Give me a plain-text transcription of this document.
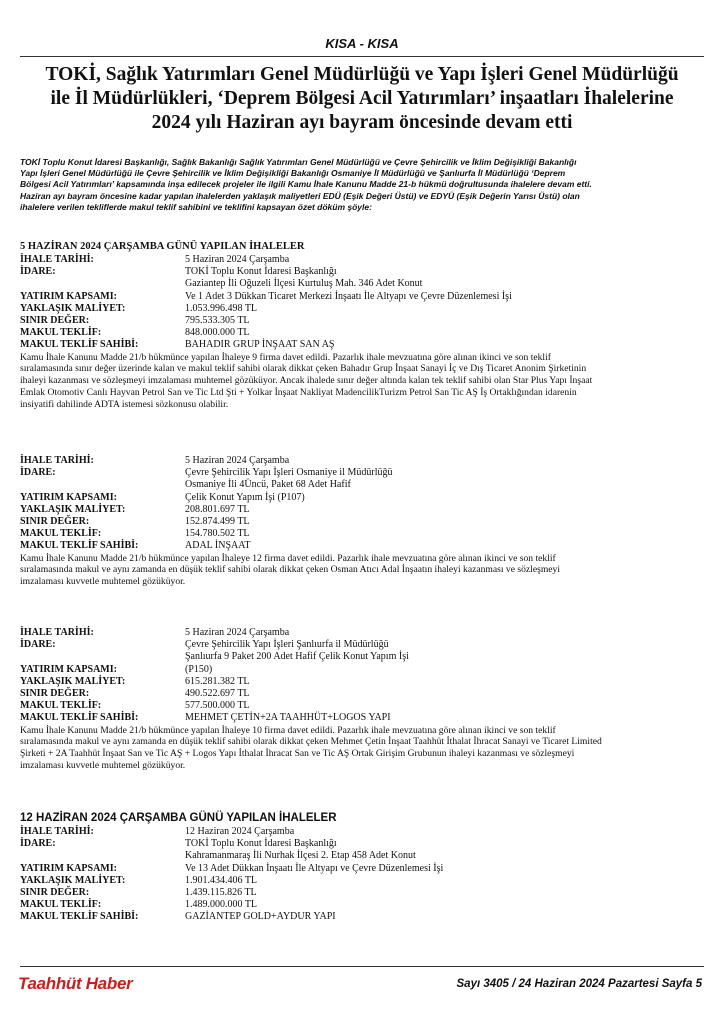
KISA - KISA
TOKİ, Sağlık Yatırımları Genel Müdürlüğü ve Yapı İşleri Genel Müdürlüğü
ile İl Müdürlükleri, ‘Deprem Bölgesi Acil Yatırımları’ inşaatları İhalelerine
2024 yılı Haziran ayı bayram öncesinde devam etti

TOKİ Toplu Konut İdaresi Başkanlığı, Sağlık Bakanlığı Sağlık Yatırımları Genel Müdürlüğü ve Çevre Şehircilik ve İklim Değişikliği Bakanlığı
Yapı İşleri Genel Müdürlüğü ile Çevre Şehircilik ve İklim Değişikliği Bakanlığı Osmaniye İl Müdürlüğü ve Şanlıurfa İl Müdürlüğü ‘Deprem
Bölgesi Acil Yatırımları’ kapsamında inşa edilecek projeler ile ilgili Kamu İhale Kanunu Madde 21-b hükmü doğrultusunda ihalelere devam etti.
Haziran ayı bayram öncesine kadar yapılan ihalelerden yaklaşık maliyetleri EDÜ (Eşik Değeri Üstü) ve EDYÜ (Eşik Değerin Yarısı Üstü) olan
ihalelere verilen tekliflerde makul teklif sahibini ve teklifini kapsayan özet döküm şöyle:

5 HAZİRAN 2024 ÇARŞAMBA GÜNÜ YAPILAN İHALELER
İHALE TARİHİ:	5 Haziran 2024 Çarşamba
İDARE:	TOKİ Toplu Konut İdaresi Başkanlığı
Gaziantep İli Oğuzeli İlçesi Kurtuluş Mah. 346 Adet Konut
YATIRIM KAPSAMI:	Ve 1 Adet 3 Dükkan Ticaret Merkezi İnşaatı İle Altyapı ve Çevre Düzenlemesi İşi
YAKLAŞIK MALİYET:	1.053.996.498 TL
SINIR DEĞER:	795.533.305 TL
MAKUL TEKLİF:	848.000.000 TL
MAKUL TEKLİF SAHİBİ:	BAHADIR GRUP İNŞAAT SAN AŞ

Kamu İhale Kanunu Madde 21/b hükmünce yapılan İhaleye 9 firma davet edildi. Pazarlık ihale mevzuatına göre alınan ikinci ve son teklif
sıralamasında sınır değer üzerinde kalan ve makul teklif sahibi olarak dikkat çeken Bahadır Grup İnşaat Sanayi İç ve Dış Ticaret Anonim Şirketinin
ihaleyi kazanması ve sözleşmeyi imzalaması muhtemel gözüküyor. Ancak ihalede sınır değer altında kalan tek teklif sahibi olan Star Plus Yapı İnşaat
Emlak Otomotiv Canlı Hayvan Petrol San ve Tic Ltd Şti + Yolkar İnşaat Nakliyat MadencilikTurizm Petrol San Tic AŞ İş Ortaklığından idarenin
insiyatifi dahilinde ADTA istemesi sözkonusu olabilir.

İHALE TARİHİ:	5 Haziran 2024 Çarşamba
İDARE:	Çevre Şehircilik Yapı İşleri Osmaniye il Müdürlüğü
Osmaniye İli 4Üncü, Paket 68 Adet Hafif
YATIRIM KAPSAMI:	Çelik Konut Yapım İşi (P107)
YAKLAŞIK MALİYET:	208.801.697 TL
SINIR DEĞER:	152.874.499 TL
MAKUL TEKLİF:	154.780.502 TL
MAKUL TEKLİF SAHİBİ:	ADAL İNŞAAT

Kamu İhale Kanunu Madde 21/b hükmünce yapılan İhaleye 12 firma davet edildi. Pazarlık ihale mevzuatına göre alınan ikinci ve son teklif
sıralamasında makul ve aynı zamanda en düşük teklif sahibi olarak dikkat çeken Osman Atıcı Adal İnşaatın ihaleyi kazanması ve sözleşmeyi
imzalaması kuvvetle muhtemel gözüküyor.

İHALE TARİHİ:	5 Haziran 2024 Çarşamba
İDARE:	Çevre Şehircilik Yapı İşleri Şanlıurfa il Müdürlüğü
Şanlıurfa 9 Paket 200 Adet Hafif Çelik Konut Yapım İşi
YATIRIM KAPSAMI:	(P150)
YAKLAŞIK MALİYET:	615.281.382 TL
SINIR DEĞER:	490.522.697 TL
MAKUL TEKLİF:	577.500.000 TL
MAKUL TEKLİF SAHİBİ:	MEHMET ÇETİN+2A TAAHHÜT+LOGOS YAPI

Kamu İhale Kanunu Madde 21/b hükmünce yapılan İhaleye 10 firma davet edildi. Pazarlık ihale mevzuatına göre alınan ikinci ve son teklif
sıralamasında makul ve aynı zamanda en düşük teklif sahibi olarak dikkat çeken Mehmet Çetin İnşaat Taahhüt İthalat İhracat Sanayi ve Ticaret Limited
Şirketi + 2A Taahhüt İnşaat San ve Tic AŞ + Logos Yapı İthalat İhracat San ve Tic AŞ Ortak Girişim Grubunun ihaleyi kazanması ve sözleşmeyi
imzalaması kuvvetle muhtemel gözüküyor.

12 HAZİRAN 2024 ÇARŞAMBA GÜNÜ YAPILAN İHALELER
İHALE TARİHİ:	12 Haziran 2024 Çarşamba
İDARE:	TOKİ Toplu Konut İdaresi Başkanlığı
Kahramanmaraş İli Nurhak İlçesi 2. Etap 458 Adet Konut
YATIRIM KAPSAMI:	Ve 13 Adet Dükkan İnşaatı İle Altyapı ve Çevre Düzenlemesi İşi
YAKLAŞIK MALİYET:	1.901.434.406 TL
SINIR DEĞER:	1.439.115.826 TL
MAKUL TEKLİF:	1.489.000.000 TL
MAKUL TEKLİF SAHİBİ:	GAZİANTEP GOLD+AYDUR YAPI
Taahhüt Haber	Sayı 3405 / 24 Haziran 2024 Pazartesi Sayfa 5
